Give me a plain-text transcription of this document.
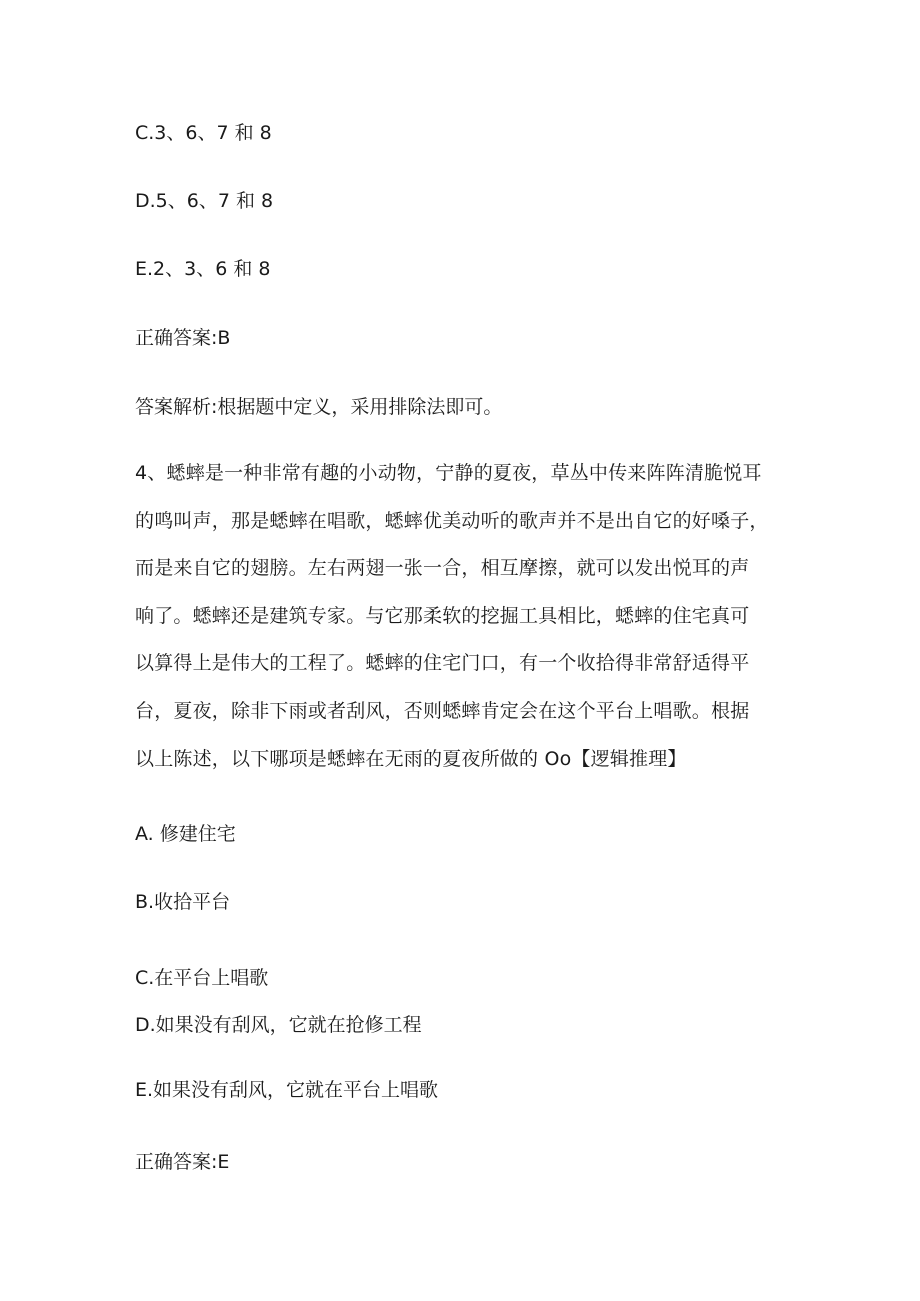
C.3、6、7 和 8
D.5、6、7 和 8
E.2、3、6 和 8
正确答案:B
答案解析:根据题中定义，采用排除法即可。

4、蟋蟀是一种非常有趣的小动物，宁静的夏夜，草丛中传来阵阵清脆悦耳

的鸣叫声，那是蟋蟀在唱歌，蟋蟀优美动听的歌声并不是出自它的好嗓子，

而是来自它的翅膀。左右两翅一张一合，相互摩擦，就可以发出悦耳的声

响了。蟋蟀还是建筑专家。与它那柔软的挖掘工具相比，蟋蟀的住宅真可

以算得上是伟大的工程了。蟋蟀的住宅门口，有一个收拾得非常舒适得平

台，夏夜，除非下雨或者刮风，否则蟋蟀肯定会在这个平台上唱歌。根据

以上陈述，以下哪项是蟋蟀在无雨的夏夜所做的 Oo【逻辑推理】

A. 修建住宅
B.收拾平台
C.在平台上唱歌
D.如果没有刮风，它就在抢修工程
E.如果没有刮风，它就在平台上唱歌
正确答案:E
